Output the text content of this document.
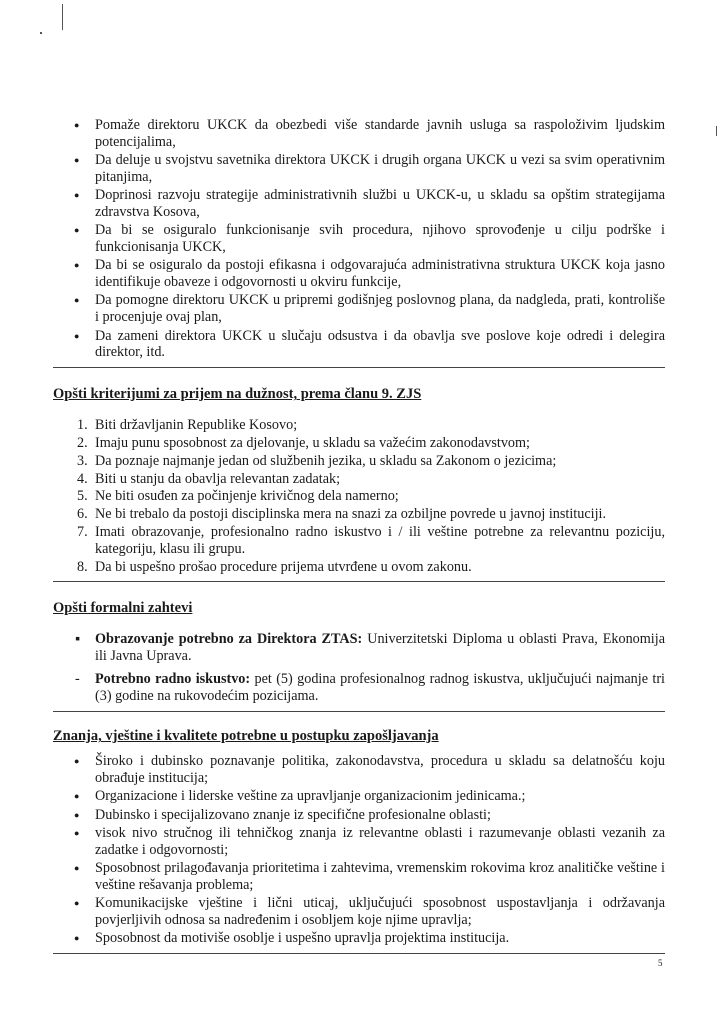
● Pomaže direktoru UKCK da obezbedi više standarde javnih usluga sa raspoloživim ljudskim potencijalima,
● Da deluje u svojstvu savetnika direktora UKCK i drugih organa UKCK u vezi sa svim operativnim pitanjima,
● Doprinosi razvoju strategije administrativnih službi u UKCK-u, u skladu sa opštim strategijama zdravstva Kosova,
● Da bi se osiguralo funkcionisanje svih procedura, njihovo sprovođenje u cilju podrške i funkcionisanja UKCK,
● Da bi se osiguralo da postoji efikasna i odgovarajuća administrativna struktura UKCK koja jasno identifikuje obaveze i odgovornosti u okviru funkcije,
● Da pomogne direktoru UKCK u pripremi godišnjeg poslovnog plana, da nadgleda, prati, kontroliše i procenjuje ovaj plan,
● Da zameni direktora UKCK u slučaju odsustva i da obavlja sve poslove koje odredi i delegira direktor, itd.
Opšti kriterijumi za prijem na dužnost, prema članu 9. ZJS
1. Biti državljanin Republike Kosovo;
2. Imaju punu sposobnost za djelovanje, u skladu sa važećim zakonodavstvom;
3. Da poznaje najmanje jedan od službenih jezika, u skladu sa Zakonom o jezicima;
4. Biti u stanju da obavlja relevantan zadatak;
5. Ne biti osuđen za počinjenje krivičnog dela namerno;
6. Ne bi trebalo da postoji disciplinska mera na snazi za ozbiljne povrede u javnoj instituciji.
7. Imati obrazovanje, profesionalno radno iskustvo i / ili veštine potrebne za relevantnu poziciju, kategoriju, klasu ili grupu.
8. Da bi uspešno prošao procedure prijema utvrđene u ovom zakonu.
Opšti formalni zahtevi
▪ Obrazovanje potrebno za Direktora ZTAS: Univerzitetski Diploma u oblasti Prava, Ekonomija ili Javna Uprava.
- Potrebno radno iskustvo: pet (5) godina profesionalnog radnog iskustva, uključujući najmanje tri (3) godine na rukovodećim pozicijama.
Znanja, vještine i kvalitete potrebne u postupku zapošljavanja
● Široko i dubinsko poznavanje politika, zakonodavstva, procedura u skladu sa delatnošću koju obrađuje institucija;
● Organizacione i liderske veštine za upravljanje organizacionim jedinicama.;
● Dubinsko i specijalizovano znanje iz specifične profesionalne oblasti;
● visok nivo stručnog ili tehničkog znanja iz relevantne oblasti i razumevanje oblasti vezanih za zadatke i odgovornosti;
● Sposobnost prilagođavanja prioritetima i zahtevima, vremenskim rokovima kroz analitičke veštine i veštine rešavanja problema;
● Komunikacijske vještine i lični uticaj, uključujući sposobnost uspostavljanja i održavanja povjerljivih odnosa sa nadređenim i osobljem koje njime upravlja;
● Sposobnost da motiviše osoblje i uspešno upravlja projektima institucija.
5
